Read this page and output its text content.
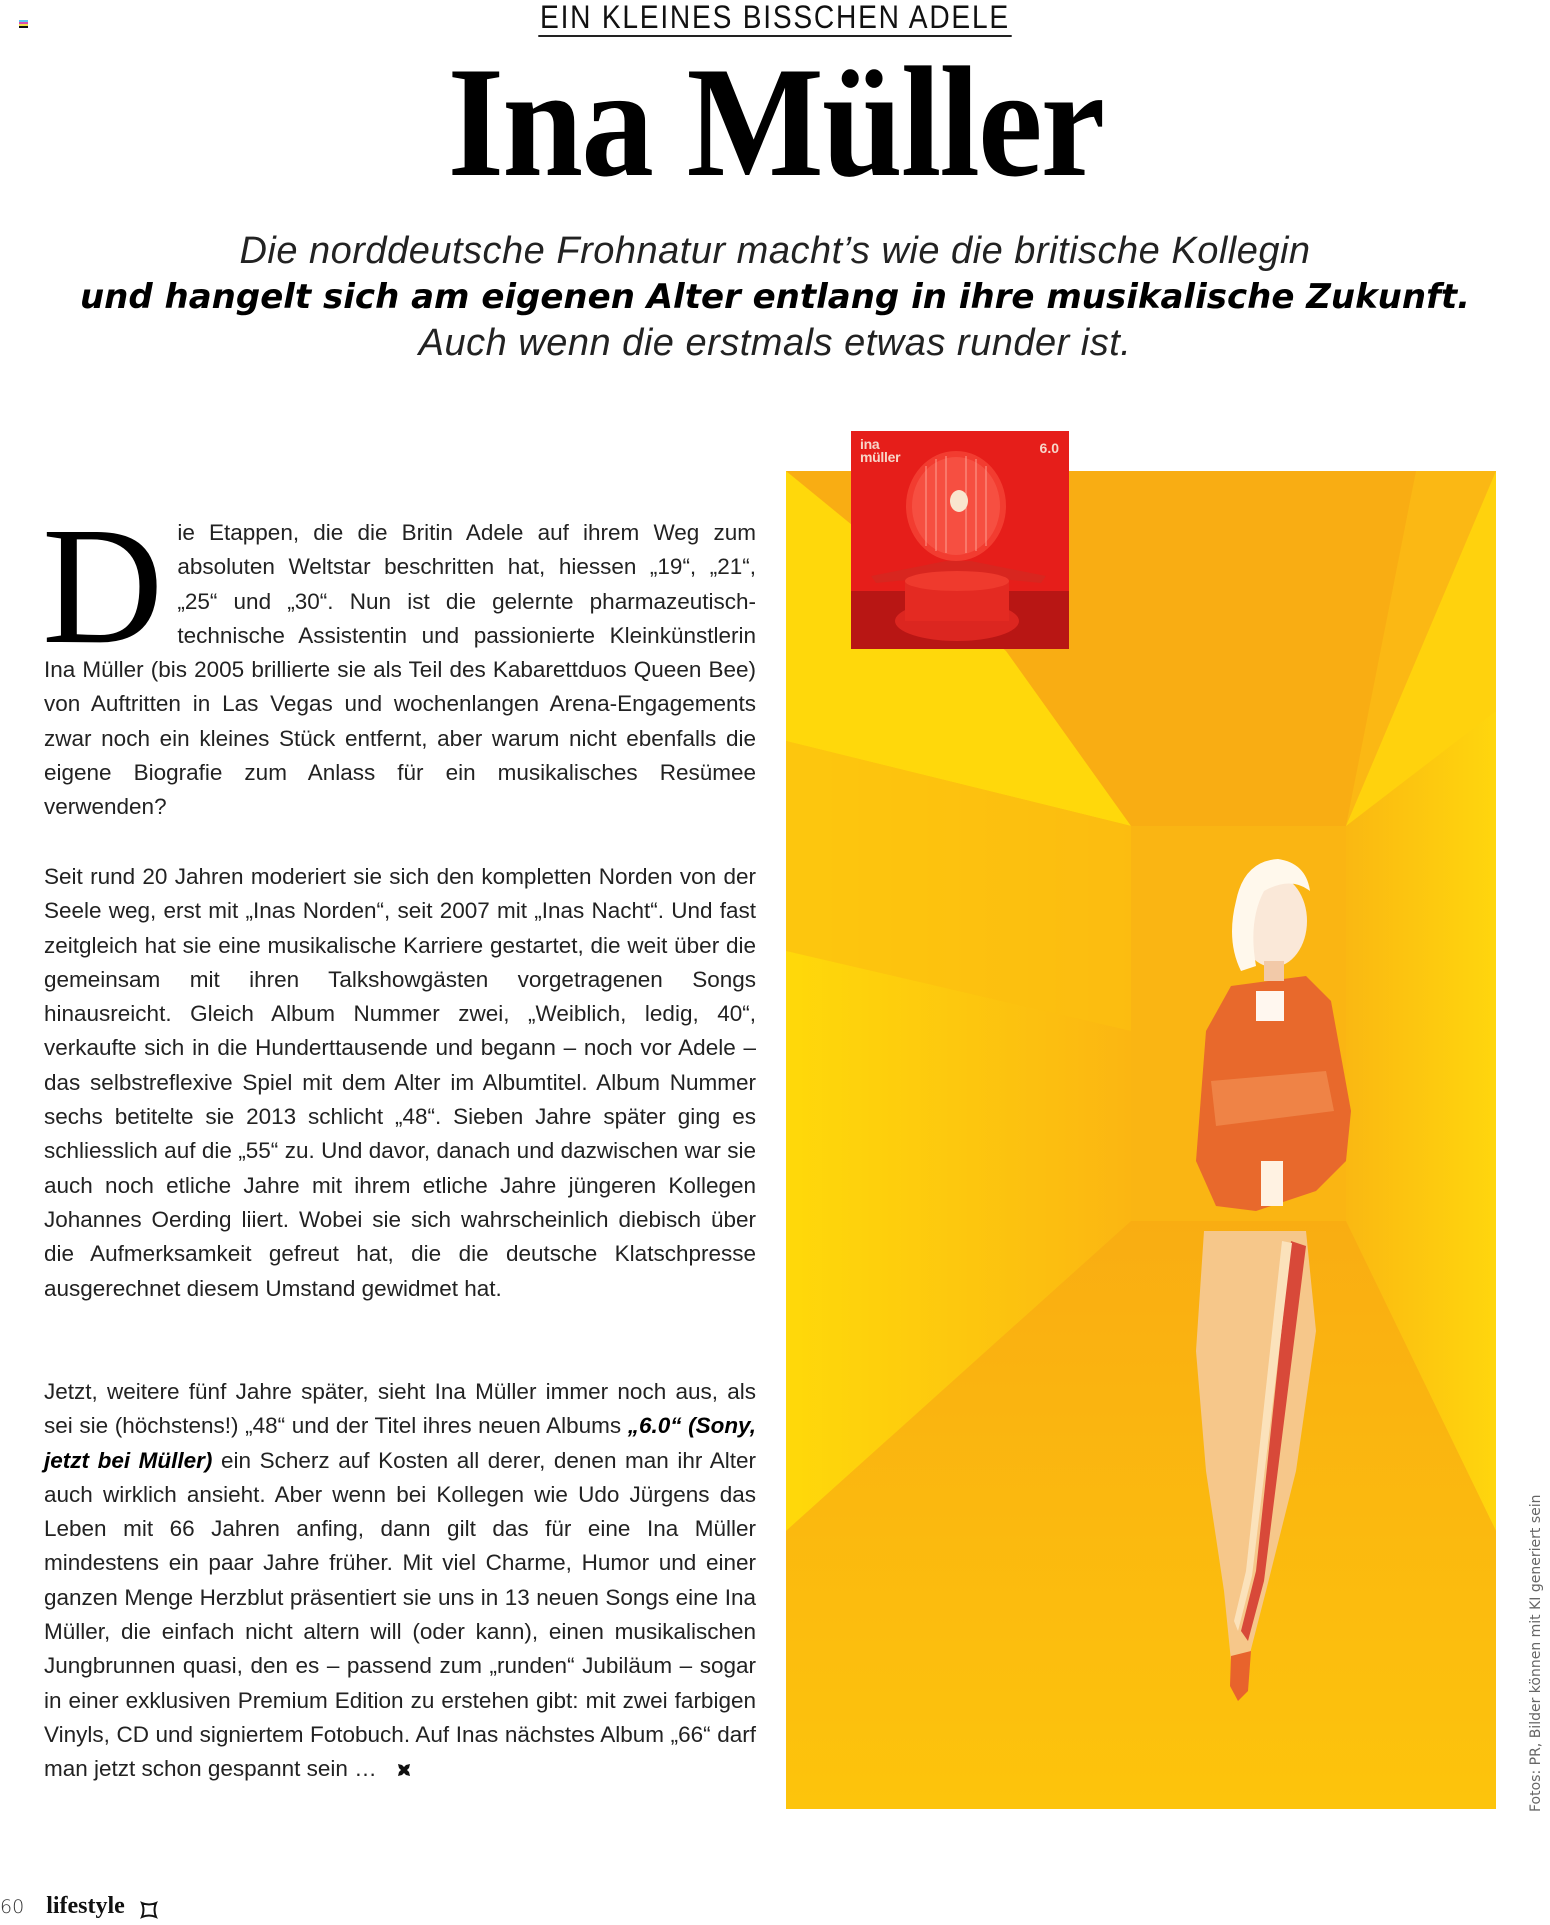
EIN KLEINES BISSCHEN ADELE
Ina Müller
Die norddeutsche Frohnatur macht’s wie die britische Kollegin
und hangelt sich am eigenen Alter entlang in ihre musikalische Zukunft.
Auch wenn die erstmals etwas runder ist.
Die Etappen, die die Britin Adele auf ihrem Weg zum absoluten Weltstar beschritten hat, hiessen „19“, „21“, „25“ und „30“. Nun ist die gelernte pharmazeutisch-technische Assistentin und passionierte Kleinkünstlerin Ina Müller (bis 2005 brillierte sie als Teil des Kabarettduos Queen Bee) von Auftritten in Las Vegas und wochenlangen Arena-Engagements zwar noch ein kleines Stück entfernt, aber warum nicht ebenfalls die eigene Biografie zum Anlass für ein musikalisches Resümee verwenden?
Seit rund 20 Jahren moderiert sie sich den kompletten Norden von der Seele weg, erst mit „Inas Norden“, seit 2007 mit „Inas Nacht“. Und fast zeitgleich hat sie eine musikalische Karriere gestartet, die weit über die gemeinsam mit ihren Talkshowgästen vorgetragenen Songs hinausreicht. Gleich Album Nummer zwei, „Weiblich, ledig, 40“, verkaufte sich in die Hunderttausende und begann – noch vor Adele – das selbstreflexive Spiel mit dem Alter im Albumtitel. Album Nummer sechs betitelte sie 2013 schlicht „48“. Sieben Jahre später ging es schliesslich auf die „55“ zu. Und davor, danach und dazwischen war sie auch noch etliche Jahre mit ihrem etliche Jahre jüngeren Kollegen Johannes Oerding liiert. Wobei sie sich wahrscheinlich diebisch über die Aufmerksamkeit gefreut hat, die die deutsche Klatschpresse ausgerechnet diesem Umstand gewidmet hat.
Jetzt, weitere fünf Jahre später, sieht Ina Müller immer noch aus, als sei sie (höchstens!) „48“ und der Titel ihres neuen Albums „6.0“ (Sony, jetzt bei Müller) ein Scherz auf Kosten all derer, denen man ihr Alter auch wirklich ansieht. Aber wenn bei Kollegen wie Udo Jürgens das Leben mit 66 Jahren anfing, dann gilt das für eine Ina Müller mindestens ein paar Jahre früher. Mit viel Charme, Humor und einer ganzen Menge Herzblut präsentiert sie uns in 13 neuen Songs eine Ina Müller, die einfach nicht altern will (oder kann), einen musikalischen Jungbrunnen quasi, den es – passend zum „runden“ Jubiläum – sogar in einer exklusiven Premium Edition zu erstehen gibt: mit zwei farbigen Vinyls, CD und signiertem Fotobuch. Auf Inas nächstes Album „66“ darf man jetzt schon gespannt sein …
ina
müller
6.0
Fotos: PR, Bilder können mit KI generiert sein
60 lifestyle
